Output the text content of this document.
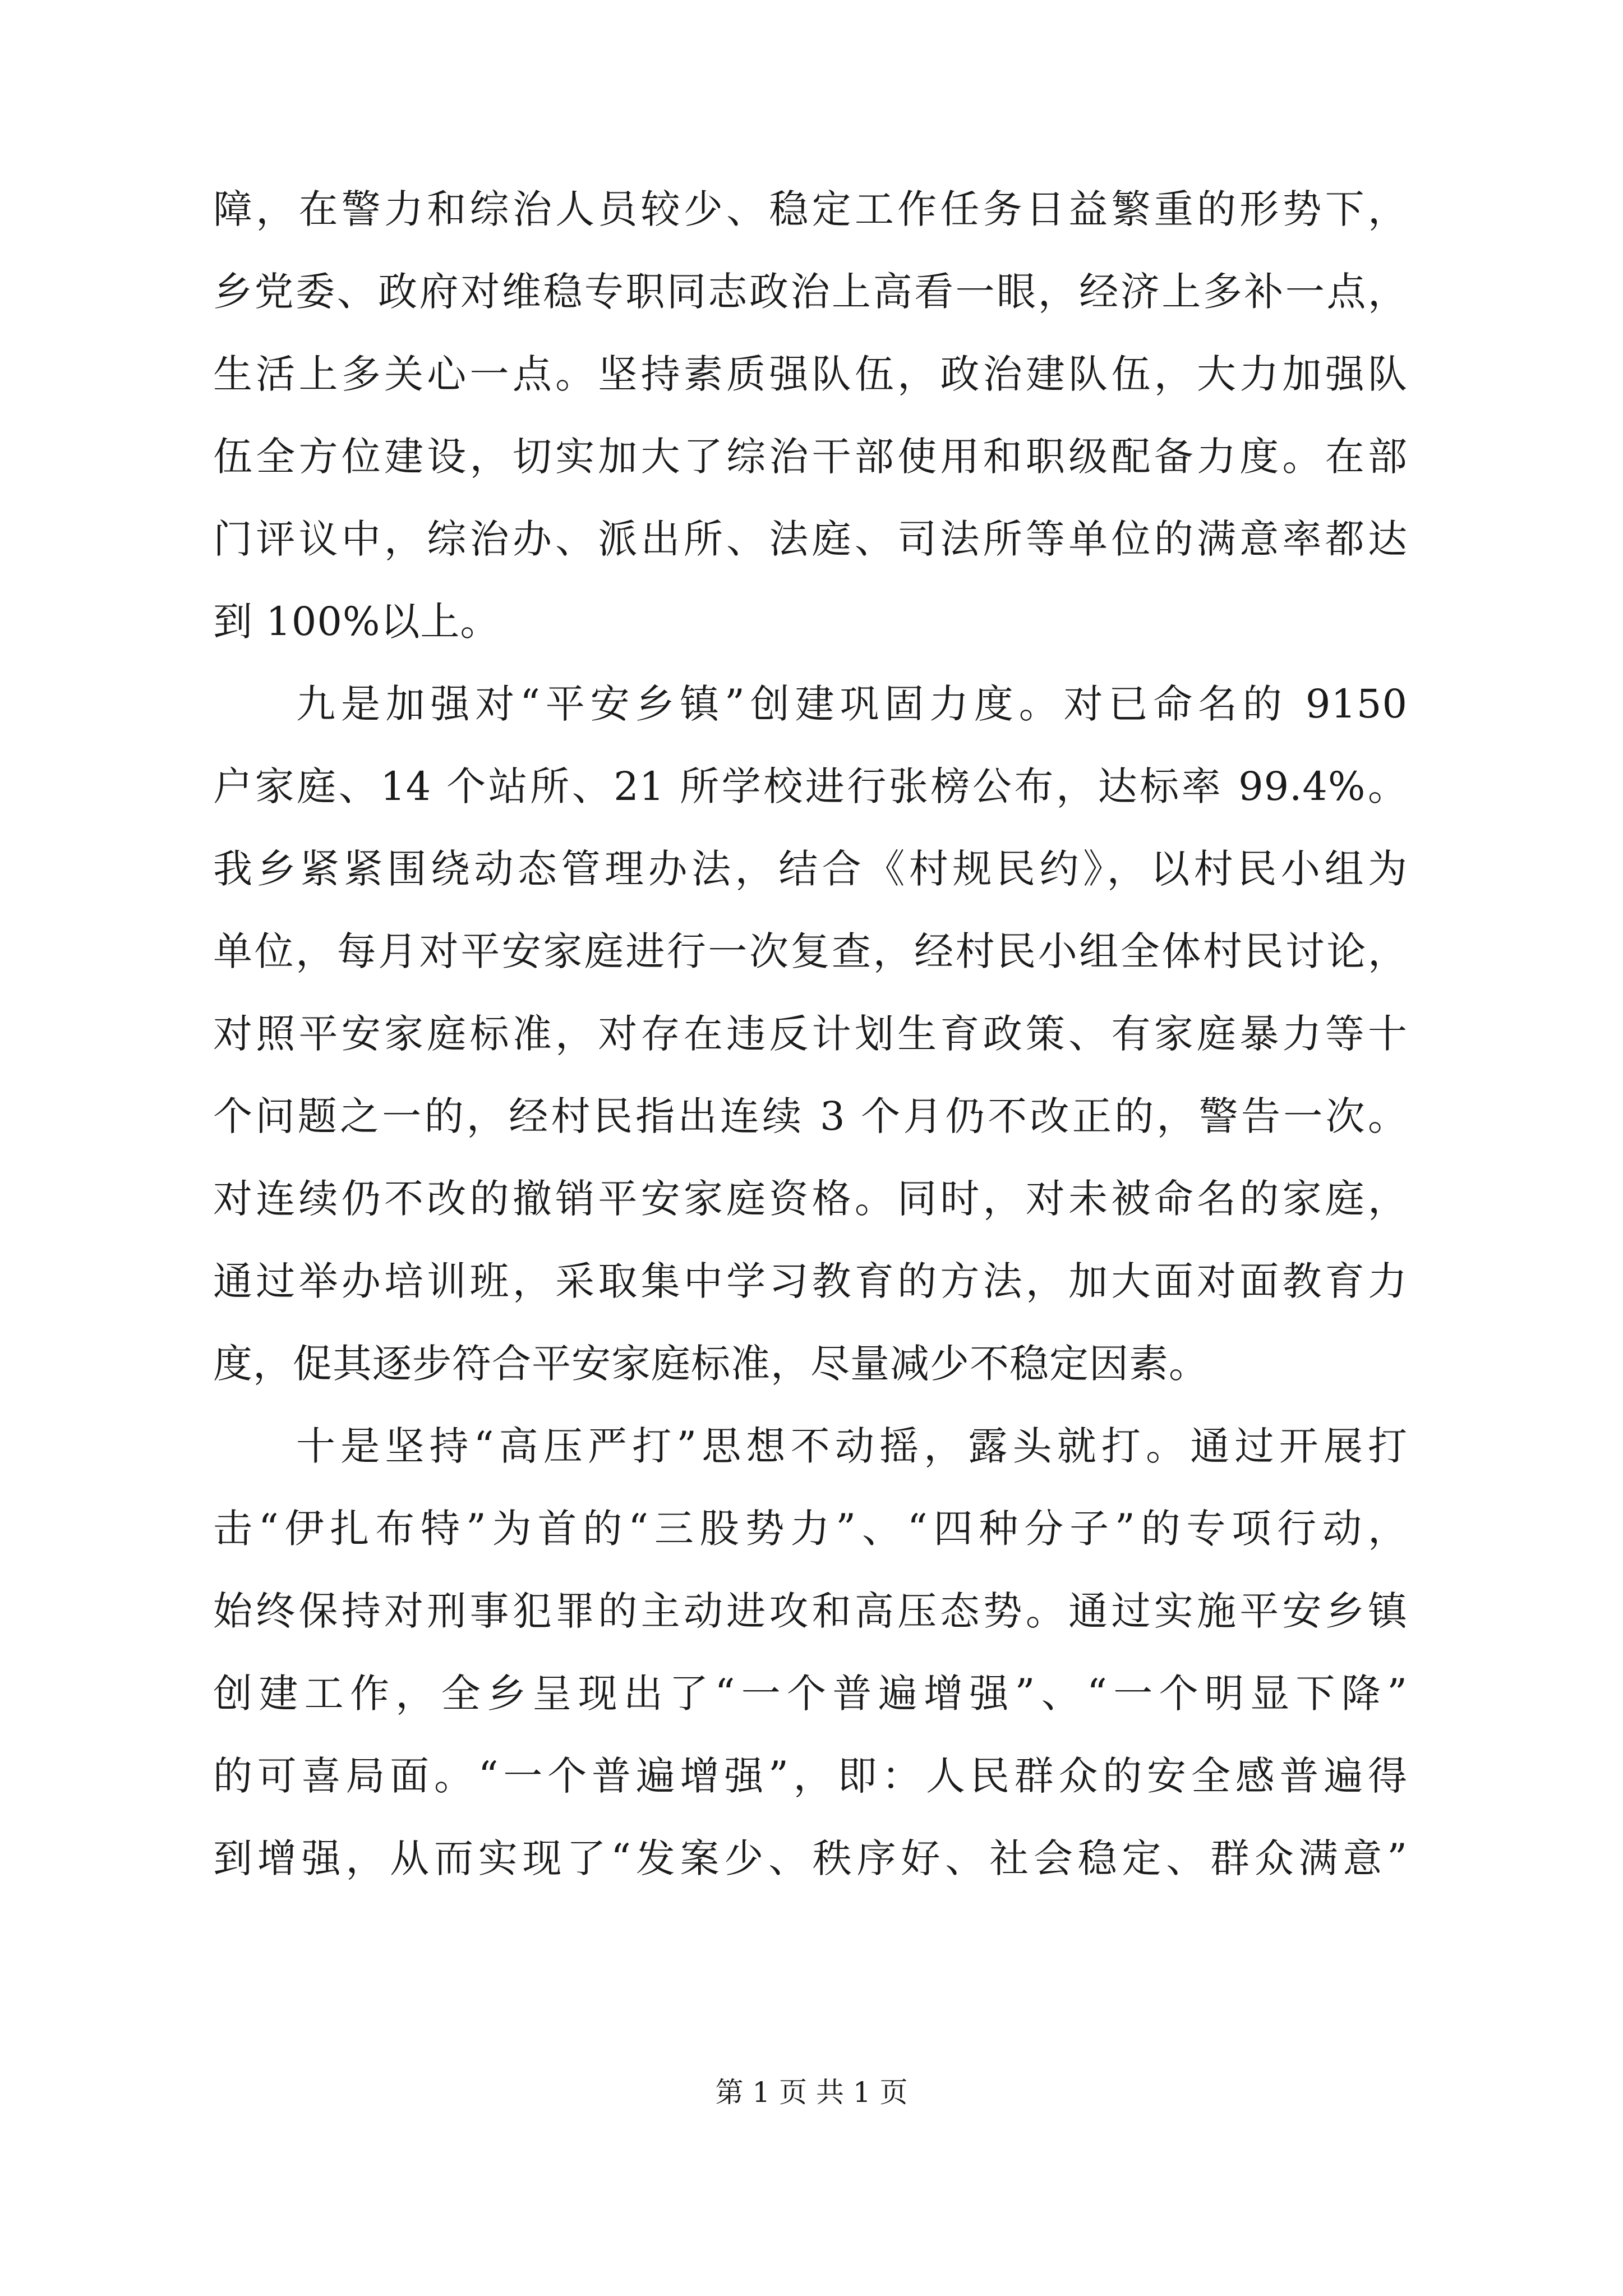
障，在警力和综治人员较少、稳定工作任务日益繁重的形势下，
乡党委、政府对维稳专职同志政治上高看一眼，经济上多补一点，
生活上多关心一点。坚持素质强队伍，政治建队伍，大力加强队
伍全方位建设，切实加大了综治干部使用和职级配备力度。在部
门评议中，综治办、派出所、法庭、司法所等单位的满意率都达
到 100%以上。
九是加强对“平安乡镇”创建巩固力度。对已命名的 9150
户家庭、14 个站所、21 所学校进行张榜公布，达标率 99.4%。
我乡紧紧围绕动态管理办法，结合《村规民约》，以村民小组为
单位，每月对平安家庭进行一次复查，经村民小组全体村民讨论，
对照平安家庭标准，对存在违反计划生育政策、有家庭暴力等十
个问题之一的，经村民指出连续 3 个月仍不改正的，警告一次。
对连续仍不改的撤销平安家庭资格。同时，对未被命名的家庭，
通过举办培训班，采取集中学习教育的方法，加大面对面教育力
度，促其逐步符合平安家庭标准，尽量减少不稳定因素。
十是坚持“高压严打”思想不动摇，露头就打。通过开展打
击“伊扎布特”为首的“三股势力”、“四种分子”的专项行动，
始终保持对刑事犯罪的主动进攻和高压态势。通过实施平安乡镇
创建工作，全乡呈现出了“一个普遍增强”、“一个明显下降”
的可喜局面。“一个普遍增强”，即：人民群众的安全感普遍得
到增强，从而实现了“发案少、秩序好、社会稳定、群众满意”
第 1 页 共 1 页
